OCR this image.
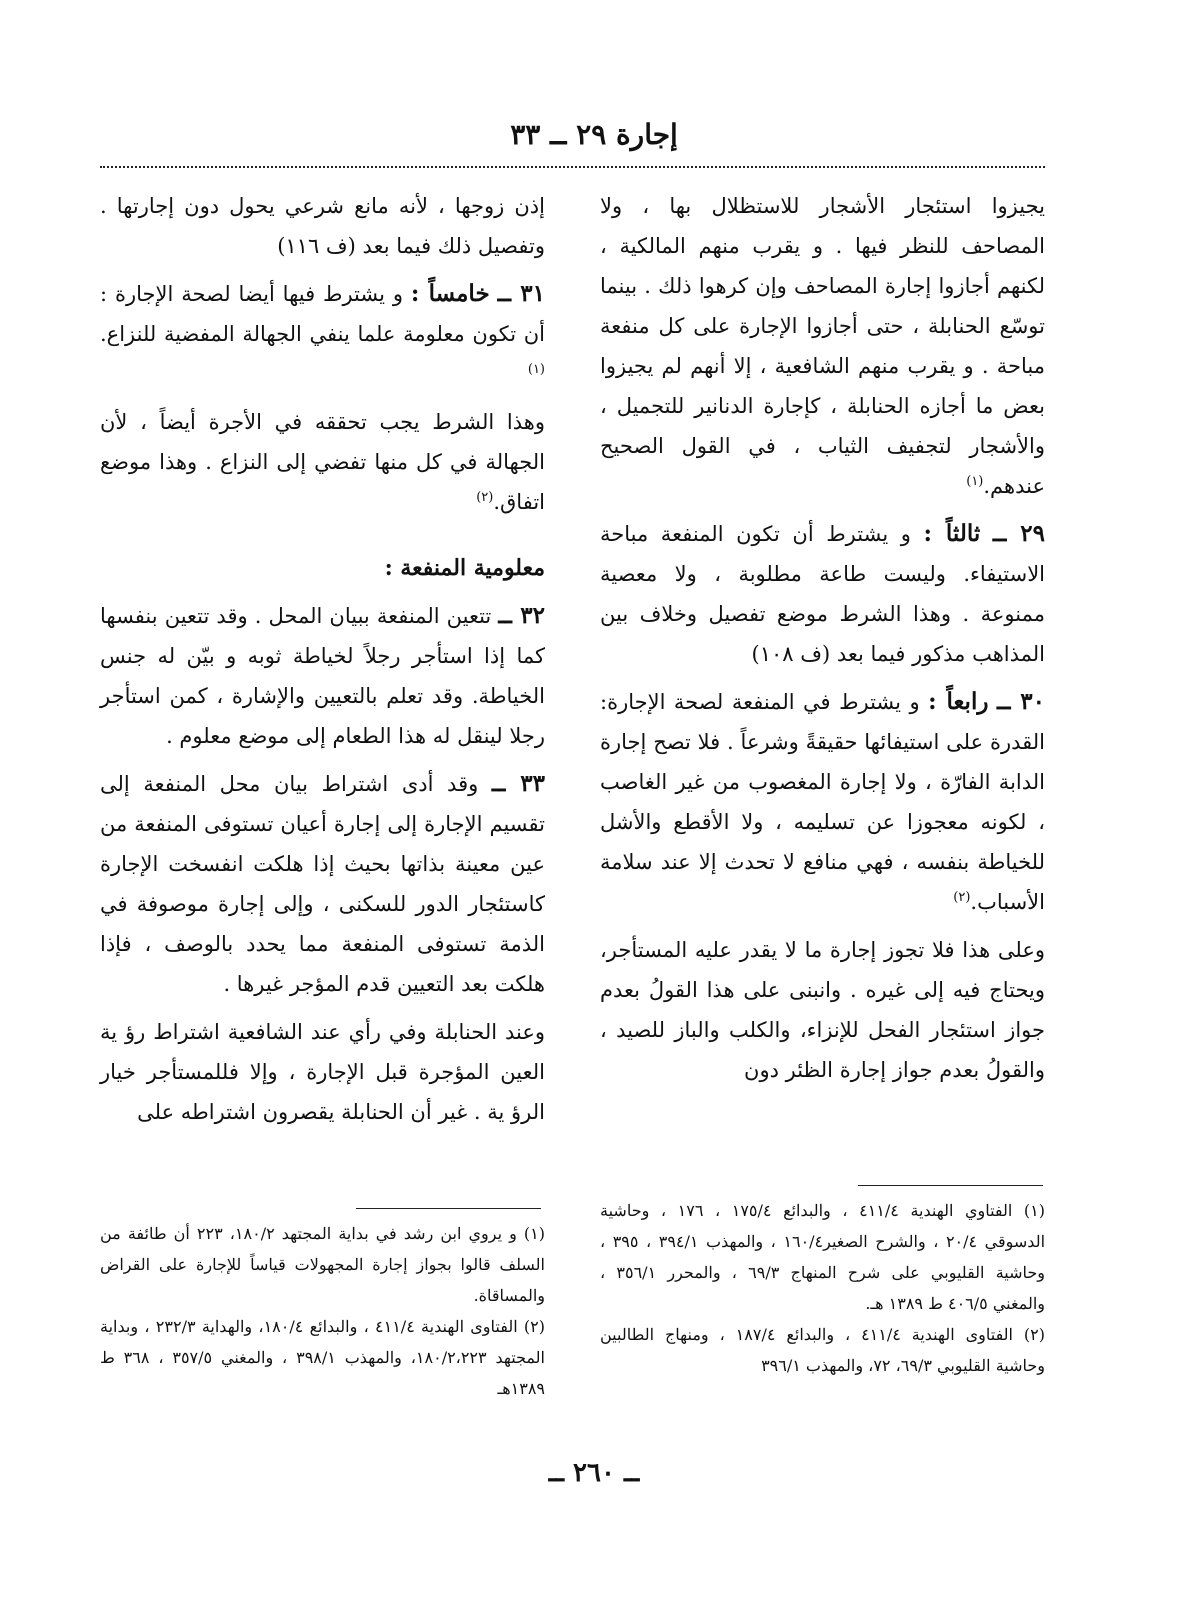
إجارة ٢٩ ــ ٣٣

يجيزوا استئجار الأشجار للاستظلال بها ، ولا المصاحف للنظر فيها . و يقرب منهم المالكية ، لكنهم أجازوا إجارة المصاحف وإن كرهوا ذلك . بينما توسّع الحنابلة ، حتى أجازوا الإجارة على كل منفعة مباحة . و يقرب منهم الشافعية ، إلا أنهم لم يجيزوا بعض ما أجازه الحنابلة ، كإجارة الدنانير للتجميل ، والأشجار لتجفيف الثياب ، في القول الصحيح عندهم.$^{(١)}$

٢٩ ــ ثالثاً : و يشترط أن تكون المنفعة مباحة الاستيفاء. وليست طاعة مطلوبة ، ولا معصية ممنوعة . وهذا الشرط موضع تفصيل وخلاف بين المذاهب مذكور فيما بعد (ف ١٠٨)

٣٠ ــ رابعاً : و يشترط في المنفعة لصحة الإجارة: القدرة على استيفائها حقيقةً وشرعاً . فلا تصح إجارة الدابة الفارّة ، ولا إجارة المغصوب من غير الغاصب ، لكونه معجوزا عن تسليمه ، ولا الأقطع والأشل للخياطة بنفسه ، فهي منافع لا تحدث إلا عند سلامة الأسباب.$^{(٢)}$

وعلى هذا فلا تجوز إجارة ما لا يقدر عليه المستأجر، ويحتاج فيه إلى غيره . وانبنى على هذا القولُ بعدم جواز استئجار الفحل للإنزاء، والكلب والباز للصيد ، والقولُ بعدم جواز إجارة الظئر دون

(١) الفتاوي الهندية ٤١١/٤ ، والبدائع ١٧٥/٤ ، ١٧٦ ، وحاشية الدسوقي ٢٠/٤ ، والشرح الصغير١٦٠/٤ ، والمهذب ٣٩٤/١ ، ٣٩٥ ، وحاشية القليوبي على شرح المنهاج ٦٩/٣ ، والمحرر ٣٥٦/١ ، والمغني ٤٠٦/٥ ط ١٣٨٩ هـ.

(٢) الفتاوى الهندية ٤١١/٤ ، والبدائع ١٨٧/٤ ، ومنهاج الطالبين وحاشية القليوبي ٦٩/٣، ٧٢، والمهذب ٣٩٦/١

إذن زوجها ، لأنه مانع شرعي يحول دون إجارتها . وتفصيل ذلك فيما بعد (ف ١١٦)

٣١ ــ خامساً : و يشترط فيها أيضا لصحة الإجارة : أن تكون معلومة علما ينفي الجهالة المفضية للنزاع.$^{(١)}$

وهذا الشرط يجب تحققه في الأجرة أيضاً ، لأن الجهالة في كل منها تفضي إلى النزاع . وهذا موضع اتفاق.$^{(٢)}$

معلومية المنفعة :

٣٢ ــ تتعين المنفعة ببيان المحل . وقد تتعين بنفسها كما إذا استأجر رجلاً لخياطة ثوبه و بيّن له جنس الخياطة. وقد تعلم بالتعيين والإشارة ، كمن استأجر رجلا لينقل له هذا الطعام إلى موضع معلوم .

٣٣ ــ وقد أدى اشتراط بيان محل المنفعة إلى تقسيم الإجارة إلى إجارة أعيان تستوفى المنفعة من عين معينة بذاتها بحيث إذا هلكت انفسخت الإجارة كاستئجار الدور للسكنى ، وإلى إجارة موصوفة في الذمة تستوفى المنفعة مما يحدد بالوصف ، فإذا هلكت بعد التعيين قدم المؤجر غيرها .

وعند الحنابلة وفي رأي عند الشافعية اشتراط رؤ ية العين المؤجرة قبل الإجارة ، وإلا فللمستأجر خيار الرؤ ية . غير أن الحنابلة يقصرون اشتراطه على

(١) و يروي ابن رشد في بداية المجتهد ١٨٠/٢، ٢٢٣ أن طائفة من السلف قالوا بجواز إجارة المجهولات قياساً للإجارة على القراض والمساقاة.

(٢) الفتاوى الهندية ٤١١/٤ ، والبدائع ١٨٠/٤، والهداية ٢٣٢/٣ ، وبداية المجتهد ١٨٠/٢،٢٢٣، والمهذب ٣٩٨/١ ، والمغني ٣٥٧/٥ ، ٣٦٨ ط ١٣٨٩هـ

ــ ٢٦٠ ــ
